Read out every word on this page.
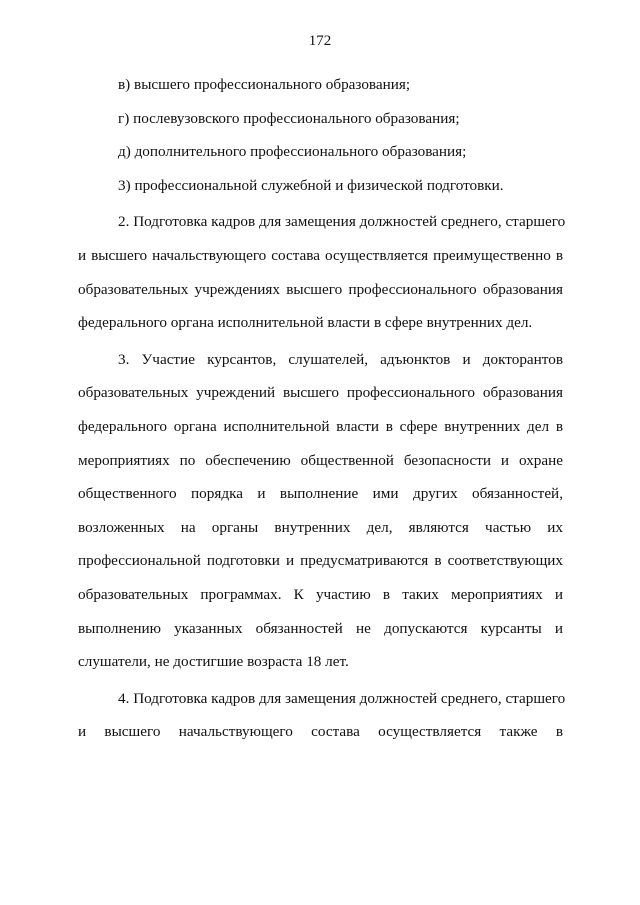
172
в) высшего профессионального образования;
г) послевузовского профессионального образования;
д) дополнительного профессионального образования;
3) профессиональной служебной и физической подготовки.
2. Подготовка кадров для замещения должностей среднего, старшего
и высшего начальствующего состава осуществляется преимущественно в
образовательных учреждениях высшего профессионального образования
федерального органа исполнительной власти в сфере внутренних дел.
3. Участие курсантов, слушателей, адъюнктов и докторантов
образовательных учреждений высшего профессионального образования
федерального органа исполнительной власти в сфере внутренних дел в
мероприятиях по обеспечению общественной безопасности и охране
общественного порядка и выполнение ими других обязанностей,
возложенных на органы внутренних дел, являются частью их
профессиональной подготовки и предусматриваются в соответствующих
образовательных программах. К участию в таких мероприятиях и
выполнению указанных обязанностей не допускаются курсанты и
слушатели, не достигшие возраста 18 лет.
4. Подготовка кадров для замещения должностей среднего, старшего
и высшего начальствующего состава осуществляется также в
